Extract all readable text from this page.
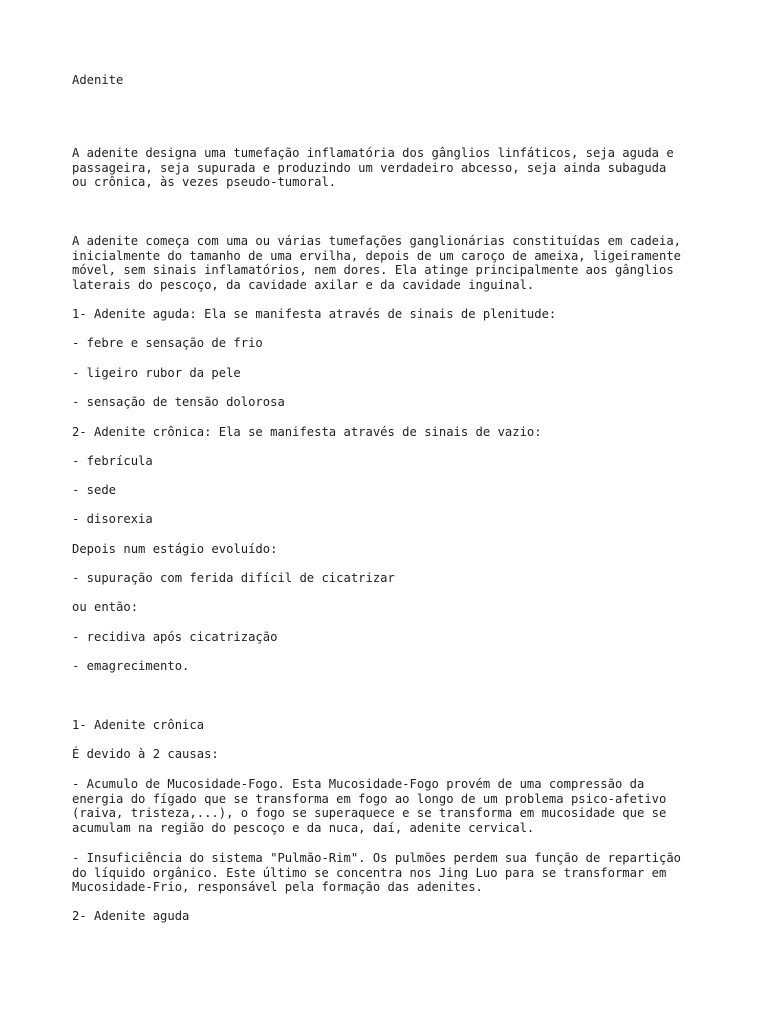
Adenite

A adenite designa uma tumefação inflamatória dos gânglios linfáticos, seja aguda e
passageira, seja supurada e produzindo um verdadeiro abcesso, seja ainda subaguda
ou crônica, às vezes pseudo-tumoral.

A adenite começa com uma ou várias tumefações ganglionárias constituídas em cadeia,
inicialmente do tamanho de uma ervilha, depois de um caroço de ameixa, ligeiramente
móvel, sem sinais inflamatórios, nem dores. Ela atinge principalmente aos gânglios
laterais do pescoço, da cavidade axilar e da cavidade inguinal.

1- Adenite aguda: Ela se manifesta através de sinais de plenitude:

- febre e sensação de frio

- ligeiro rubor da pele

- sensação de tensão dolorosa

2- Adenite crônica: Ela se manifesta através de sinais de vazio:

- febrícula

- sede

- disorexia

Depois num estágio evoluído:

- supuração com ferida difícil de cicatrizar

ou então:

- recidiva após cicatrização

- emagrecimento.

1- Adenite crônica

É devido à 2 causas:

- Acumulo de Mucosidade-Fogo. Esta Mucosidade-Fogo provém de uma compressão da
energia do fígado que se transforma em fogo ao longo de um problema psico-afetivo
(raiva, tristeza,...), o fogo se superaquece e se transforma em mucosidade que se
acumulam na região do pescoço e da nuca, daí, adenite cervical.

- Insuficiência do sistema "Pulmão-Rim". Os pulmões perdem sua função de repartição
do líquido orgânico. Este último se concentra nos Jing Luo para se transformar em
Mucosidade-Frio, responsável pela formação das adenites.

2- Adenite aguda
